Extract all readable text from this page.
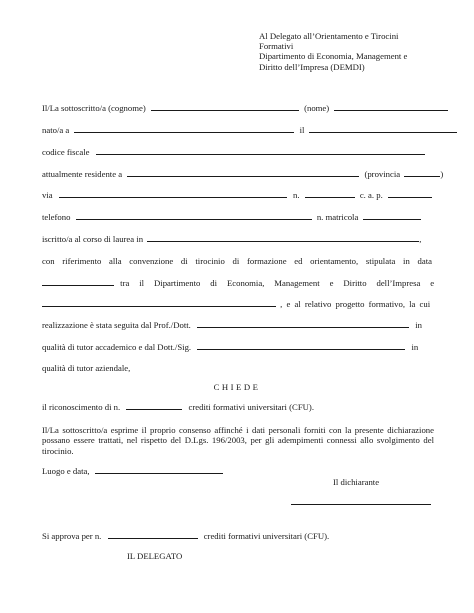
Al Delegato all’Orientamento e Tirocini
Formativi
Dipartimento di Economia, Management e
Diritto dell’Impresa (DEMDI)
Il/La sottoscritto/a (cognome)	(nome)
nato/a a	il
codice fiscale
attualmente residente a	(provincia	)
via	n.	c. a. p.
telefono	n. matricola
iscritto/a al corso di laurea in	,
con riferimento alla convenzione di tirocinio di formazione ed orientamento, stipulata in data
tra il Dipartimento di Economia, Management e Diritto dell’Impresa e
, e al relativo progetto formativo, la cui
realizzazione è stata seguita dal Prof./Dott.	in
qualità di tutor accademico e dal Dott./Sig.	in
qualità di tutor aziendale,
CHIEDE
il riconoscimento di n.	crediti formativi universitari (CFU).
Il/La sottoscritto/a esprime il proprio consenso affinché i dati personali forniti con la presente dichiarazione possano essere trattati, nel rispetto del D.Lgs. 196/2003, per gli adempimenti connessi allo svolgimento del tirocinio.
Luogo e data,
Il dichiarante
Si approva per n.	crediti formativi universitari (CFU).
IL DELEGATO
